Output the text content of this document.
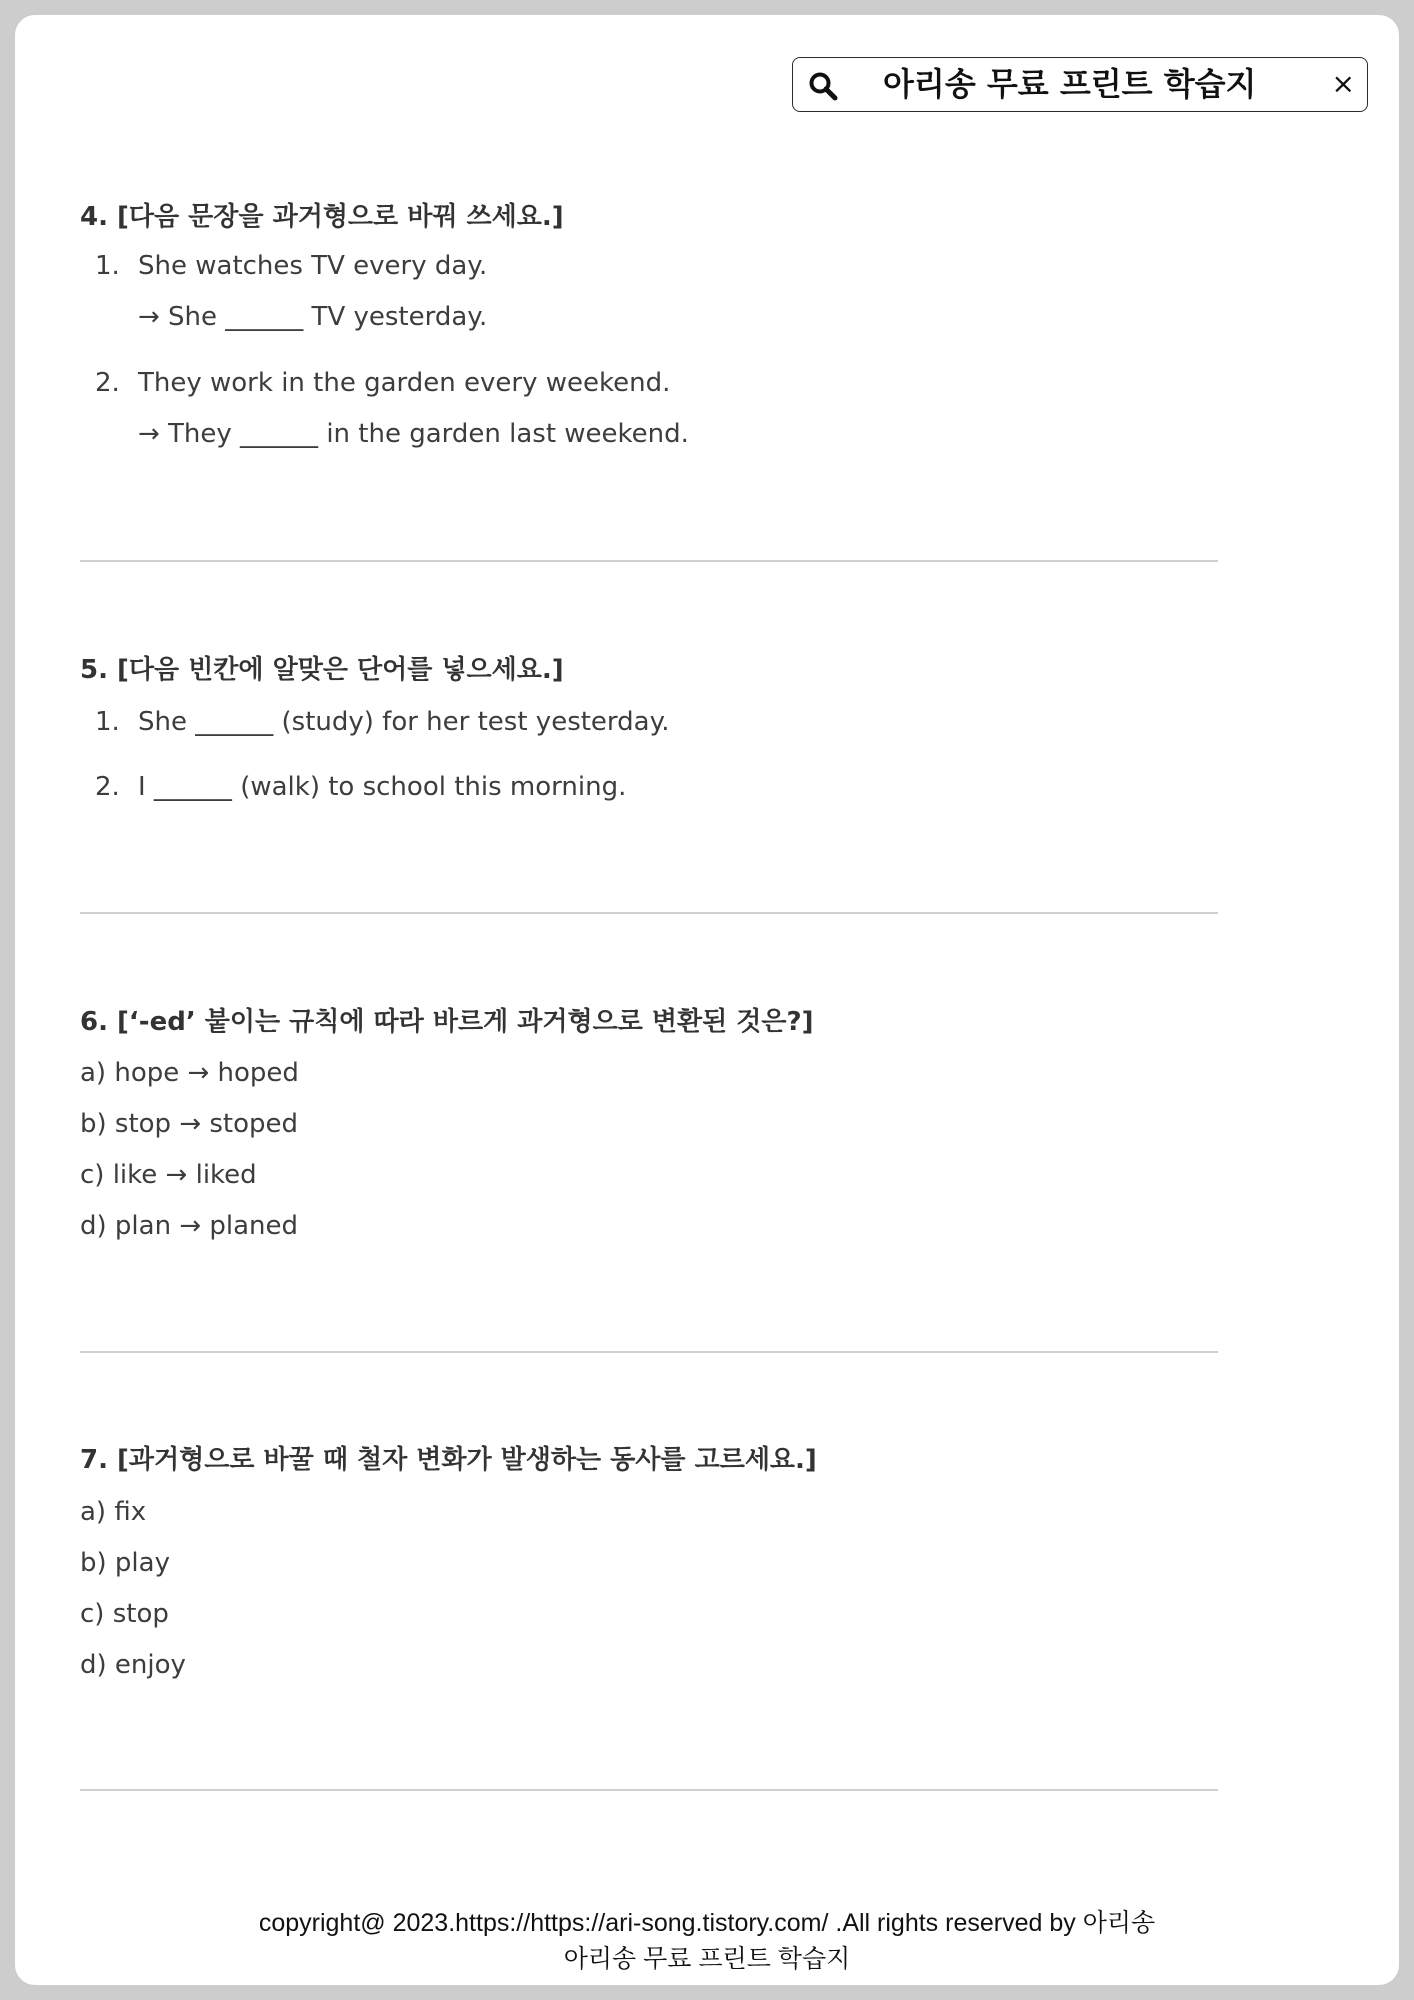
아리송 무료 프린트 학습지	×
4. [다음 문장을 과거형으로 바꿔 쓰세요.]
1. She watches TV every day.
→ She ______ TV yesterday.
2. They work in the garden every weekend.
→ They ______ in the garden last weekend.
5. [다음 빈칸에 알맞은 단어를 넣으세요.]
1. She ______ (study) for her test yesterday.
2. I ______ (walk) to school this morning.
6. [‘-ed’ 붙이는 규칙에 따라 바르게 과거형으로 변환된 것은?]
a) hope → hoped
b) stop → stoped
c) like → liked
d) plan → planed
7. [과거형으로 바꿀 때 철자 변화가 발생하는 동사를 고르세요.]
a) fix
b) play
c) stop
d) enjoy
copyright@ 2023.https://https://ari-song.tistory.com/ .All rights reserved by 아리송
아리송 무료 프린트 학습지
